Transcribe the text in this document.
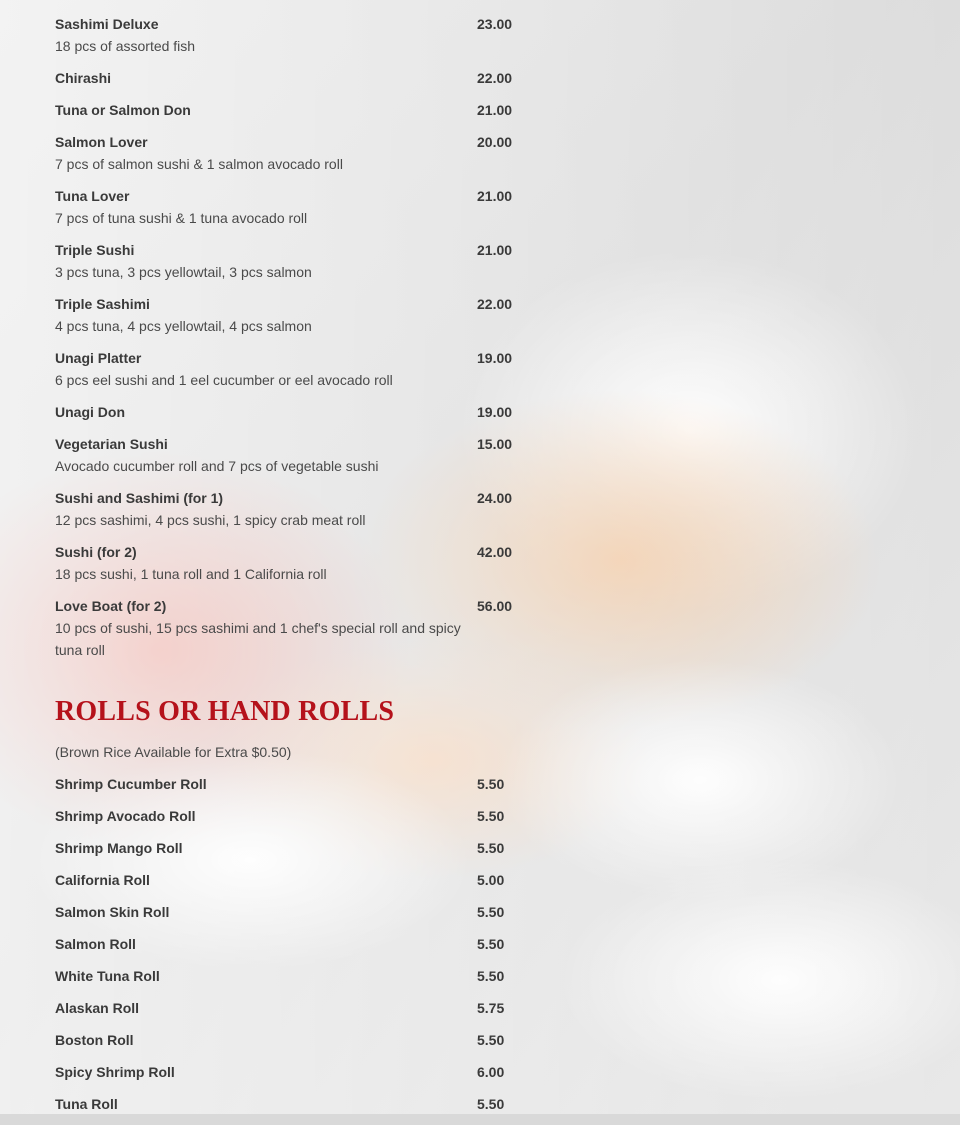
Sashimi Deluxe	23.00
18 pcs of assorted fish
Chirashi	22.00
Tuna or Salmon Don	21.00
Salmon Lover	20.00
7 pcs of salmon sushi & 1 salmon avocado roll
Tuna Lover	21.00
7 pcs of tuna sushi & 1 tuna avocado roll
Triple Sushi	21.00
3 pcs tuna, 3 pcs yellowtail, 3 pcs salmon
Triple Sashimi	22.00
4 pcs tuna, 4 pcs yellowtail, 4 pcs salmon
Unagi Platter	19.00
6 pcs eel sushi and 1 eel cucumber or eel avocado roll
Unagi Don	19.00
Vegetarian Sushi	15.00
Avocado cucumber roll and 7 pcs of vegetable sushi
Sushi and Sashimi (for 1)	24.00
12 pcs sashimi, 4 pcs sushi, 1 spicy crab meat roll
Sushi (for 2)	42.00
18 pcs sushi, 1 tuna roll and 1 California roll
Love Boat (for 2)	56.00
10 pcs of sushi, 15 pcs sashimi and 1 chef's special roll and spicy tuna roll
ROLLS OR HAND ROLLS
(Brown Rice Available for Extra $0.50)
Shrimp Cucumber Roll	5.50
Shrimp Avocado Roll	5.50
Shrimp Mango Roll	5.50
California Roll	5.00
Salmon Skin Roll	5.50
Salmon Roll	5.50
White Tuna Roll	5.50
Alaskan Roll	5.75
Boston Roll	5.50
Spicy Shrimp Roll	6.00
Tuna Roll	5.50
